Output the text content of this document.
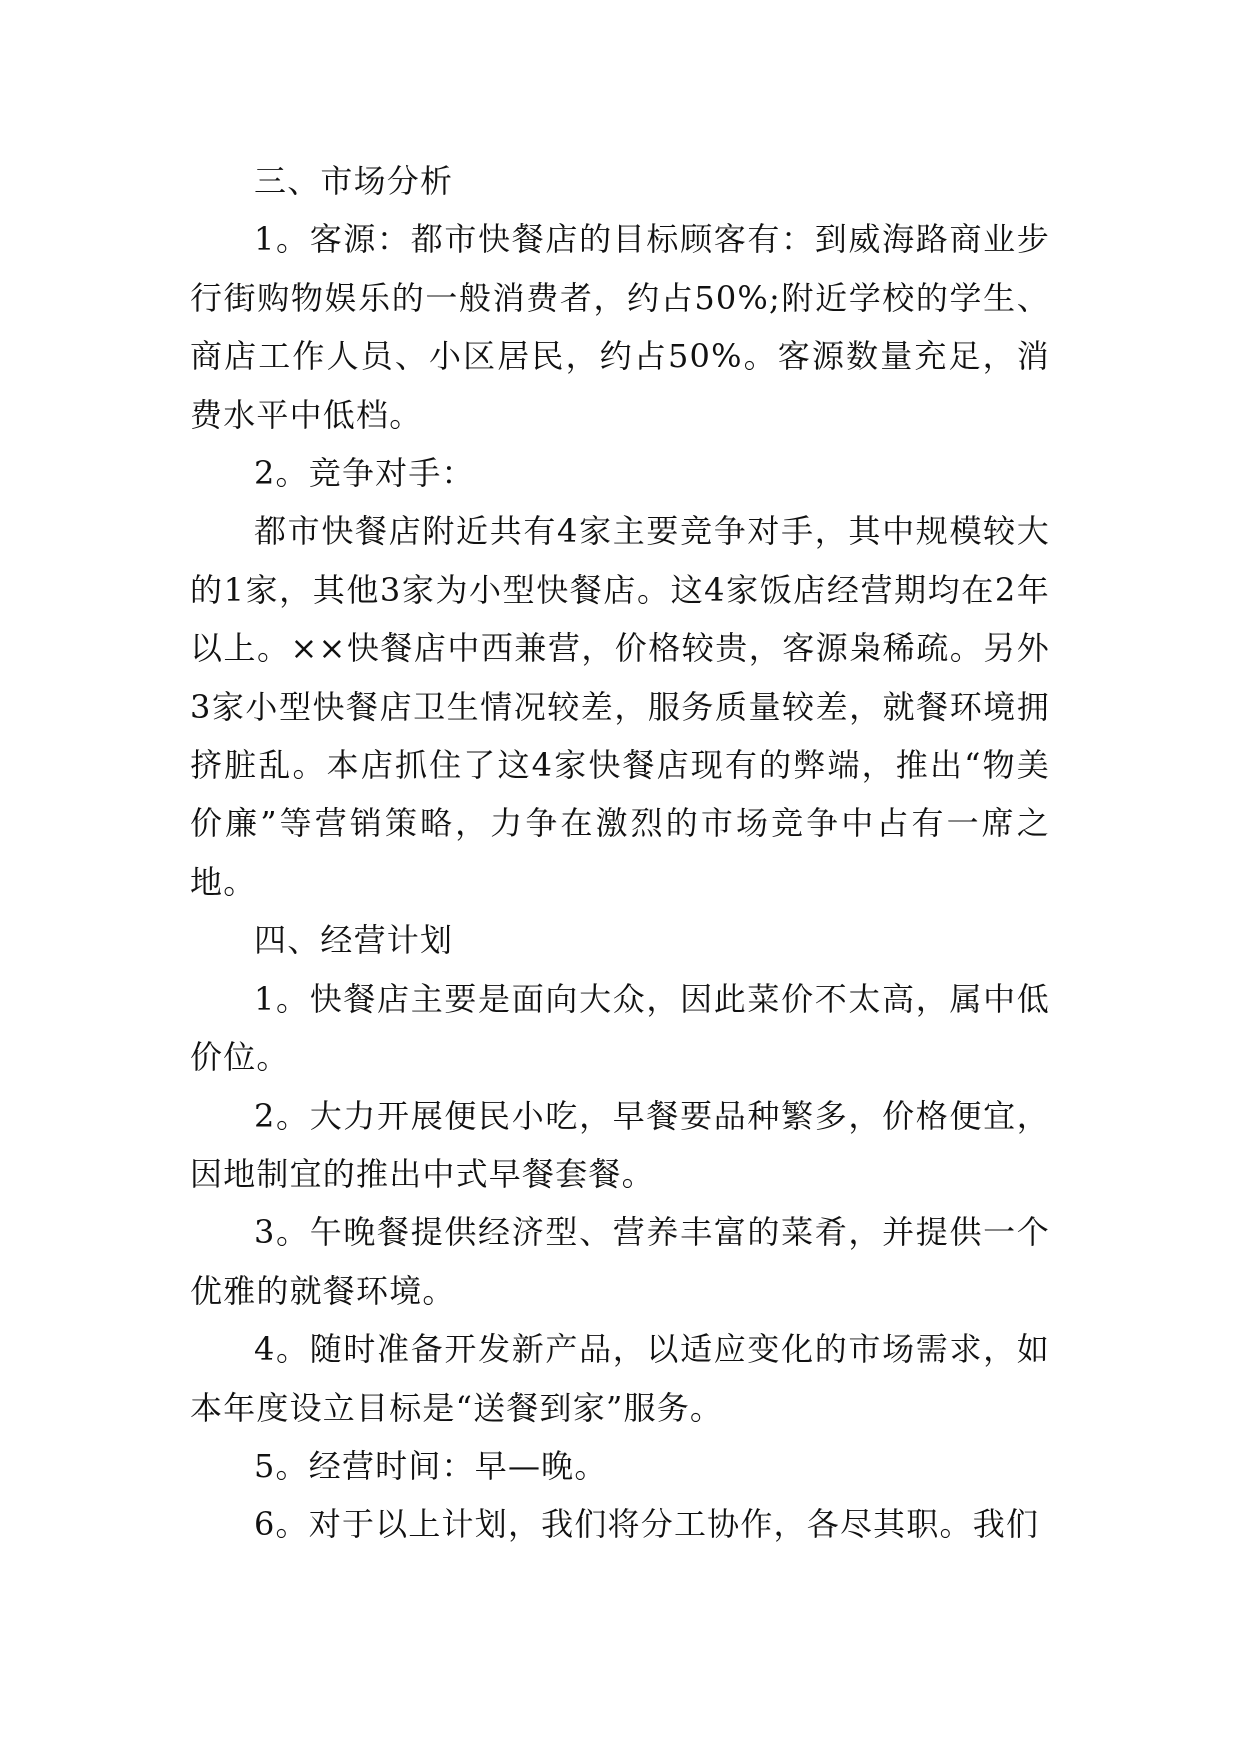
三、市场分析

1。客源：都市快餐店的目标顾客有：到威海路商业步行街购物娱乐的一般消费者，约占50%;附近学校的学生、商店工作人员、小区居民，约占50%。客源数量充足，消费水平中低档。

2。竞争对手：

都市快餐店附近共有4家主要竞争对手，其中规模较大的1家，其他3家为小型快餐店。这4家饭店经营期均在2年以上。××快餐店中西兼营，价格较贵，客源枭稀疏。另外3家小型快餐店卫生情况较差，服务质量较差，就餐环境拥挤脏乱。本店抓住了这4家快餐店现有的弊端，推出“物美价廉”等营销策略，力争在激烈的市场竞争中占有一席之地。

四、经营计划

1。快餐店主要是面向大众，因此菜价不太高，属中低价位。

2。大力开展便民小吃，早餐要品种繁多，价格便宜，因地制宜的推出中式早餐套餐。

3。午晚餐提供经济型、营养丰富的菜肴，并提供一个优雅的就餐环境。

4。随时准备开发新产品，以适应变化的市场需求，如本年度设立目标是“送餐到家”服务。

5。经营时间：早—晚。

6。对于以上计划，我们将分工协作，各尽其职。我们
